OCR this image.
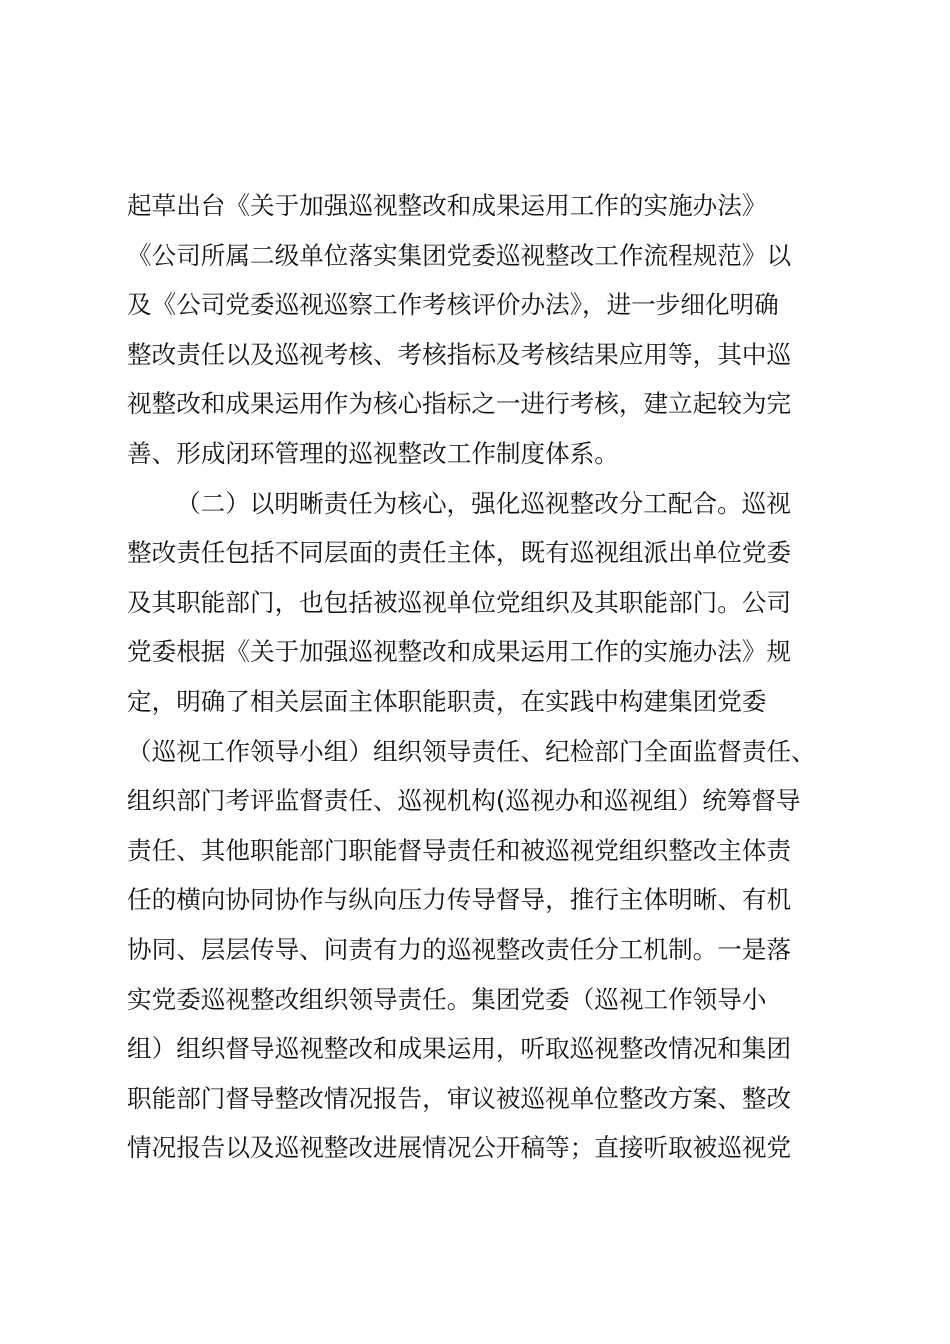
起草出台《关于加强巡视整改和成果运用工作的实施办法》
《公司所属二级单位落实集团党委巡视整改工作流程规范》以
及《公司党委巡视巡察工作考核评价办法》，进一步细化明确
整改责任以及巡视考核、考核指标及考核结果应用等，其中巡
视整改和成果运用作为核心指标之一进行考核，建立起较为完
善、形成闭环管理的巡视整改工作制度体系。
（二）以明晰责任为核心，强化巡视整改分工配合。巡视
整改责任包括不同层面的责任主体，既有巡视组派出单位党委
及其职能部门，也包括被巡视单位党组织及其职能部门。公司
党委根据《关于加强巡视整改和成果运用工作的实施办法》规
定，明确了相关层面主体职能职责，在实践中构建集团党委
（巡视工作领导小组）组织领导责任、纪检部门全面监督责任、
组织部门考评监督责任、巡视机构(巡视办和巡视组）统筹督导
责任、其他职能部门职能督导责任和被巡视党组织整改主体责
任的横向协同协作与纵向压力传导督导，推行主体明晰、有机
协同、层层传导、问责有力的巡视整改责任分工机制。一是落
实党委巡视整改组织领导责任。集团党委（巡视工作领导小
组）组织督导巡视整改和成果运用，听取巡视整改情况和集团
职能部门督导整改情况报告，审议被巡视单位整改方案、整改
情况报告以及巡视整改进展情况公开稿等；直接听取被巡视党
